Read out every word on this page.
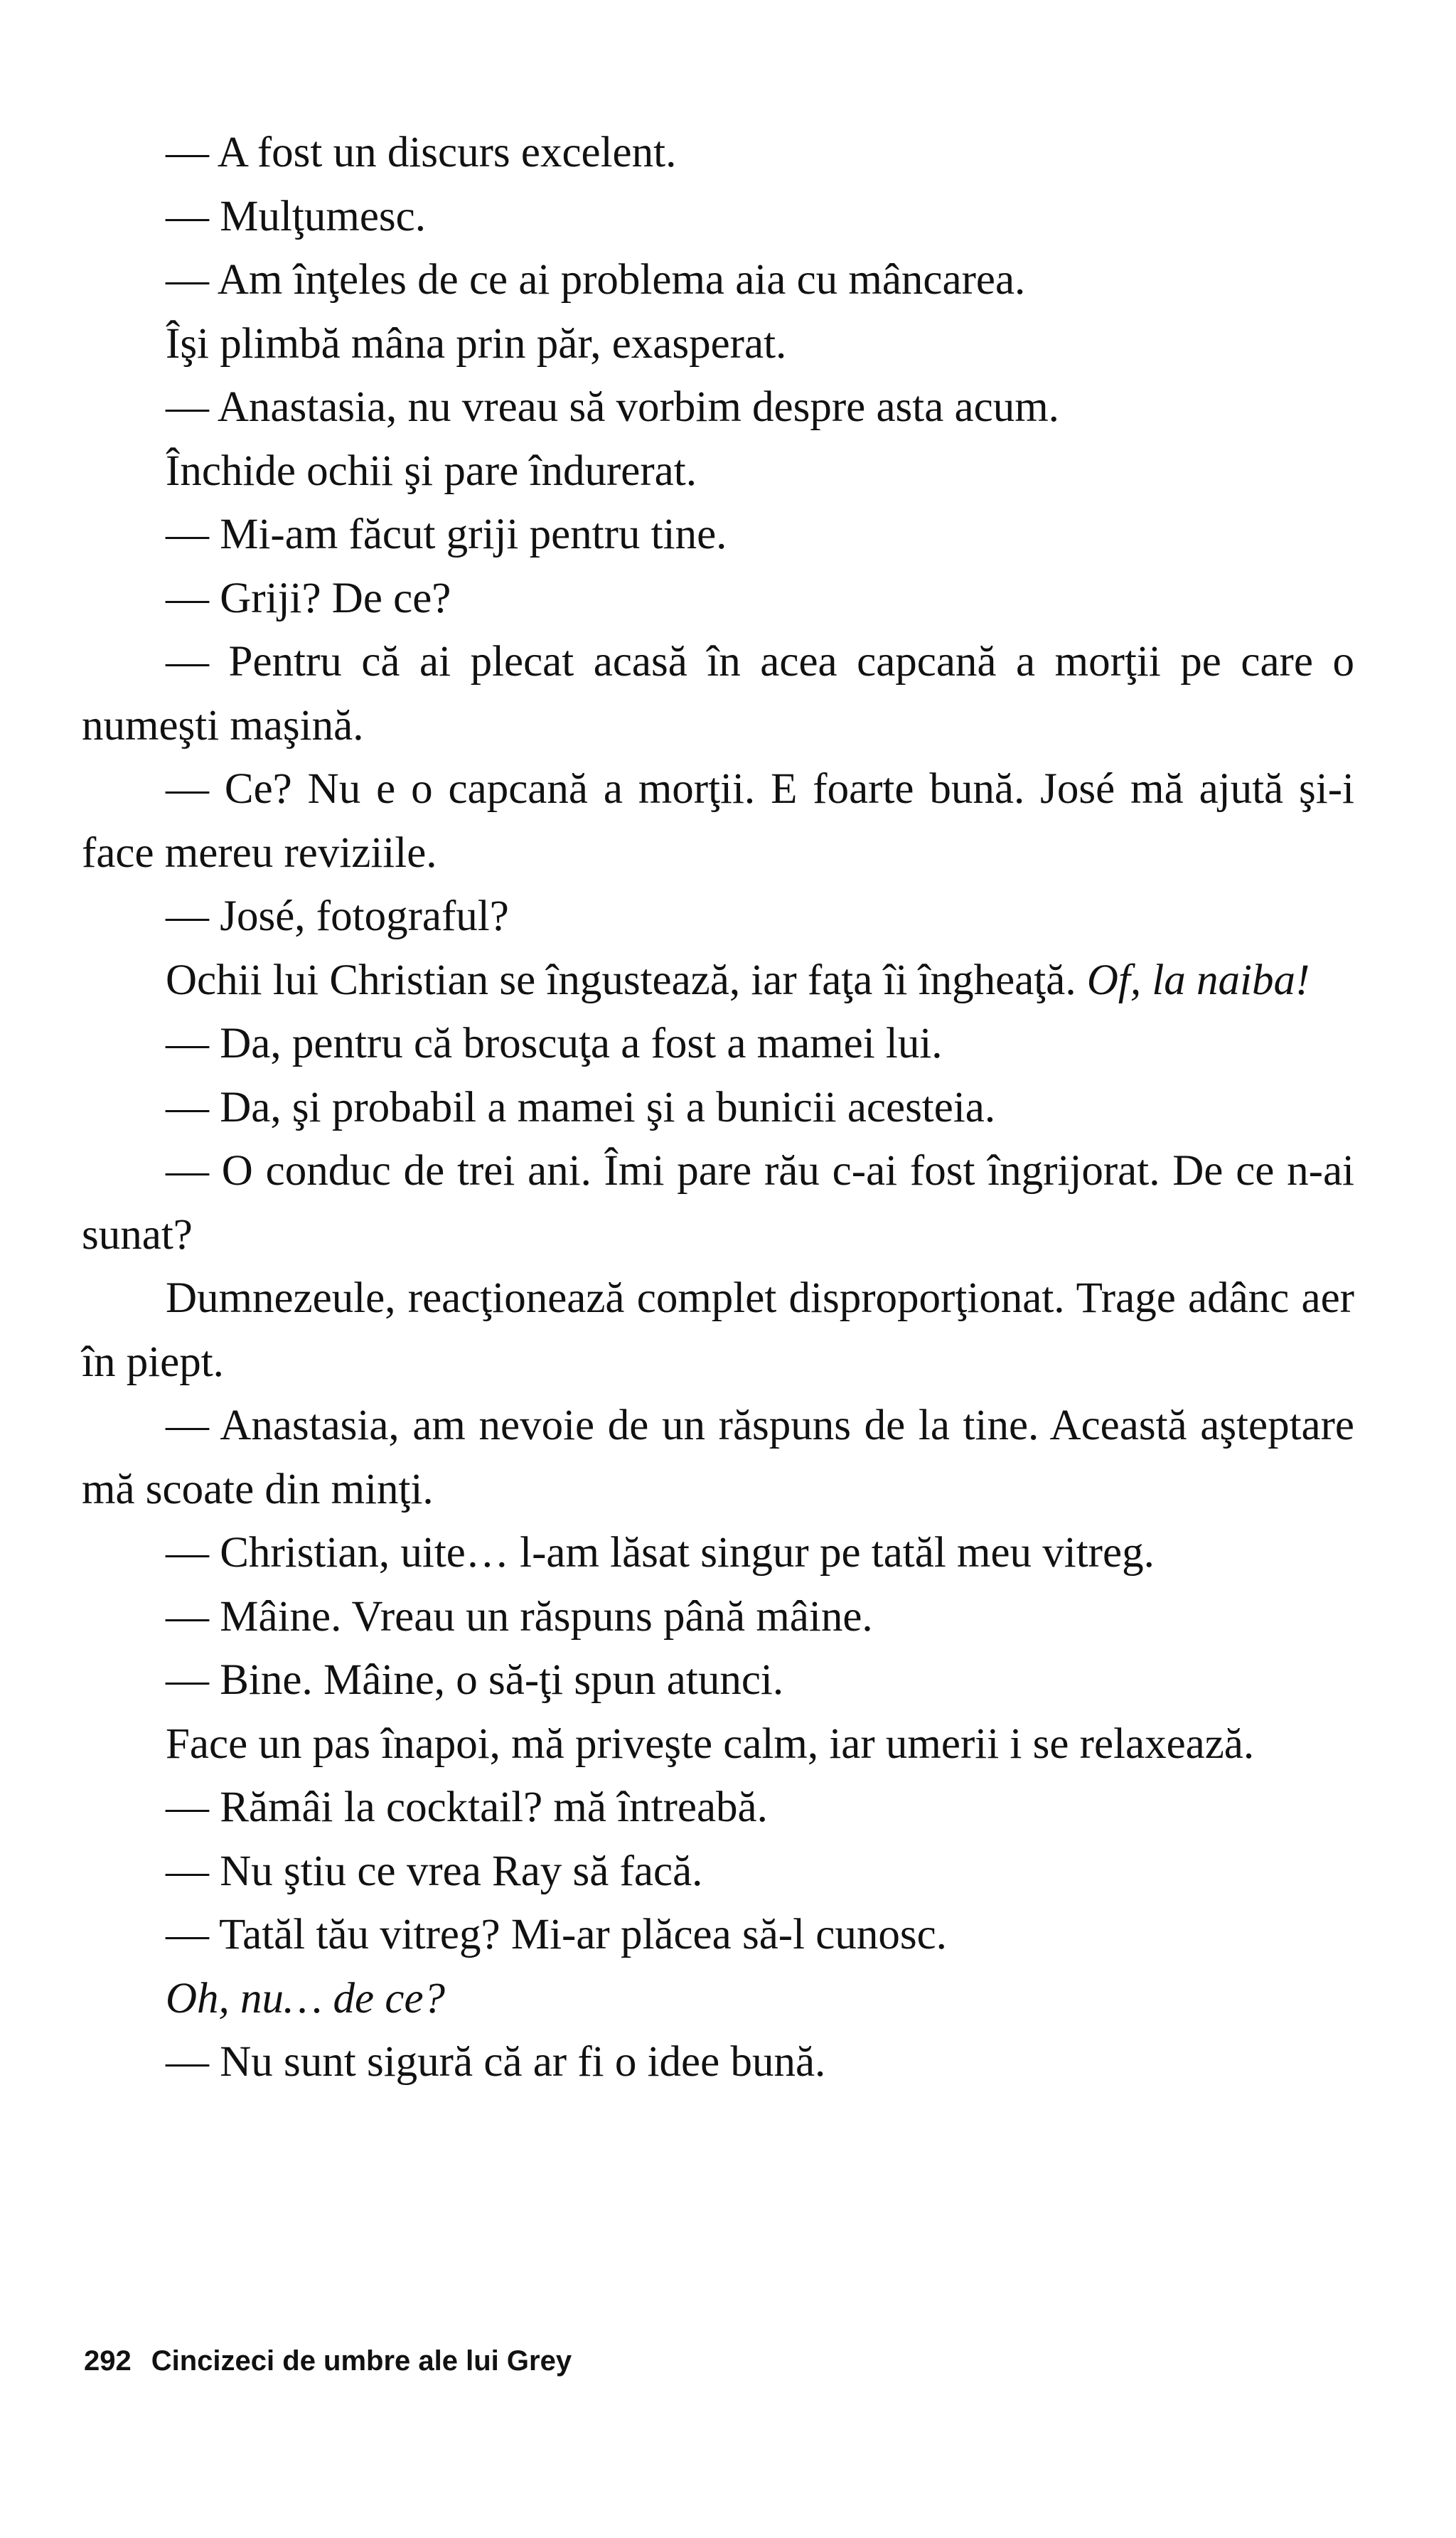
— A fost un discurs excelent.

— Mulţumesc.

— Am înţeles de ce ai problema aia cu mâncarea.

Îşi plimbă mâna prin păr, exasperat.

— Anastasia, nu vreau să vorbim despre asta acum.

Închide ochii şi pare îndurerat.

— Mi-am făcut griji pentru tine.

— Griji? De ce?

— Pentru că ai plecat acasă în acea capcană a morţii pe care o numeşti maşină.

— Ce? Nu e o capcană a morţii. E foarte bună. José mă ajută şi-i face mereu reviziile.

— José, fotograful?

Ochii lui Christian se îngustează, iar faţa îi îngheaţă. Of, la naiba!

— Da, pentru că broscuţa a fost a mamei lui.

— Da, şi probabil a mamei şi a bunicii acesteia.

— O conduc de trei ani. Îmi pare rău c-ai fost îngrijorat. De ce n-ai sunat?

Dumnezeule, reacţionează complet disproporţionat. Trage adânc aer în piept.

— Anastasia, am nevoie de un răspuns de la tine. Această aşteptare mă scoate din minţi.

— Christian, uite… l-am lăsat singur pe tatăl meu vitreg.

— Mâine. Vreau un răspuns până mâine.

— Bine. Mâine, o să-ţi spun atunci.

Face un pas înapoi, mă priveşte calm, iar umerii i se relaxează.

— Rămâi la cocktail? mă întreabă.

— Nu ştiu ce vrea Ray să facă.

— Tatăl tău vitreg? Mi-ar plăcea să-l cunosc.

Oh, nu… de ce?

— Nu sunt sigură că ar fi o idee bună.

292 Cincizeci de umbre ale lui Grey
